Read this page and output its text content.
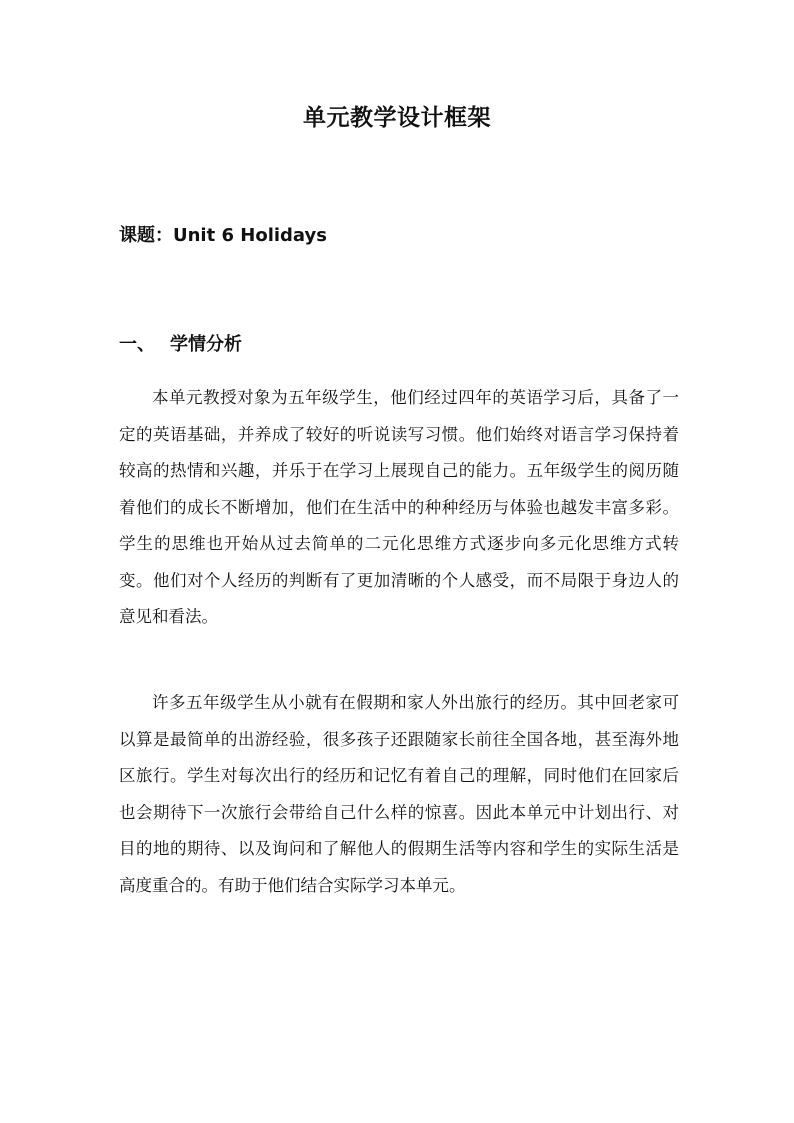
单元教学设计框架
课题：Unit 6 Holidays
一、 学情分析

本单元教授对象为五年级学生，他们经过四年的英语学习后，具备了一定的英语基础，并养成了较好的听说读写习惯。他们始终对语言学习保持着较高的热情和兴趣，并乐于在学习上展现自己的能力。五年级学生的阅历随着他们的成长不断增加，他们在生活中的种种经历与体验也越发丰富多彩。学生的思维也开始从过去简单的二元化思维方式逐步向多元化思维方式转变。他们对个人经历的判断有了更加清晰的个人感受，而不局限于身边人的意见和看法。

许多五年级学生从小就有在假期和家人外出旅行的经历。其中回老家可以算是最简单的出游经验，很多孩子还跟随家长前往全国各地，甚至海外地区旅行。学生对每次出行的经历和记忆有着自己的理解，同时他们在回家后也会期待下一次旅行会带给自己什么样的惊喜。因此本单元中计划出行、对目的地的期待、以及询问和了解他人的假期生活等内容和学生的实际生活是高度重合的。有助于他们结合实际学习本单元。
